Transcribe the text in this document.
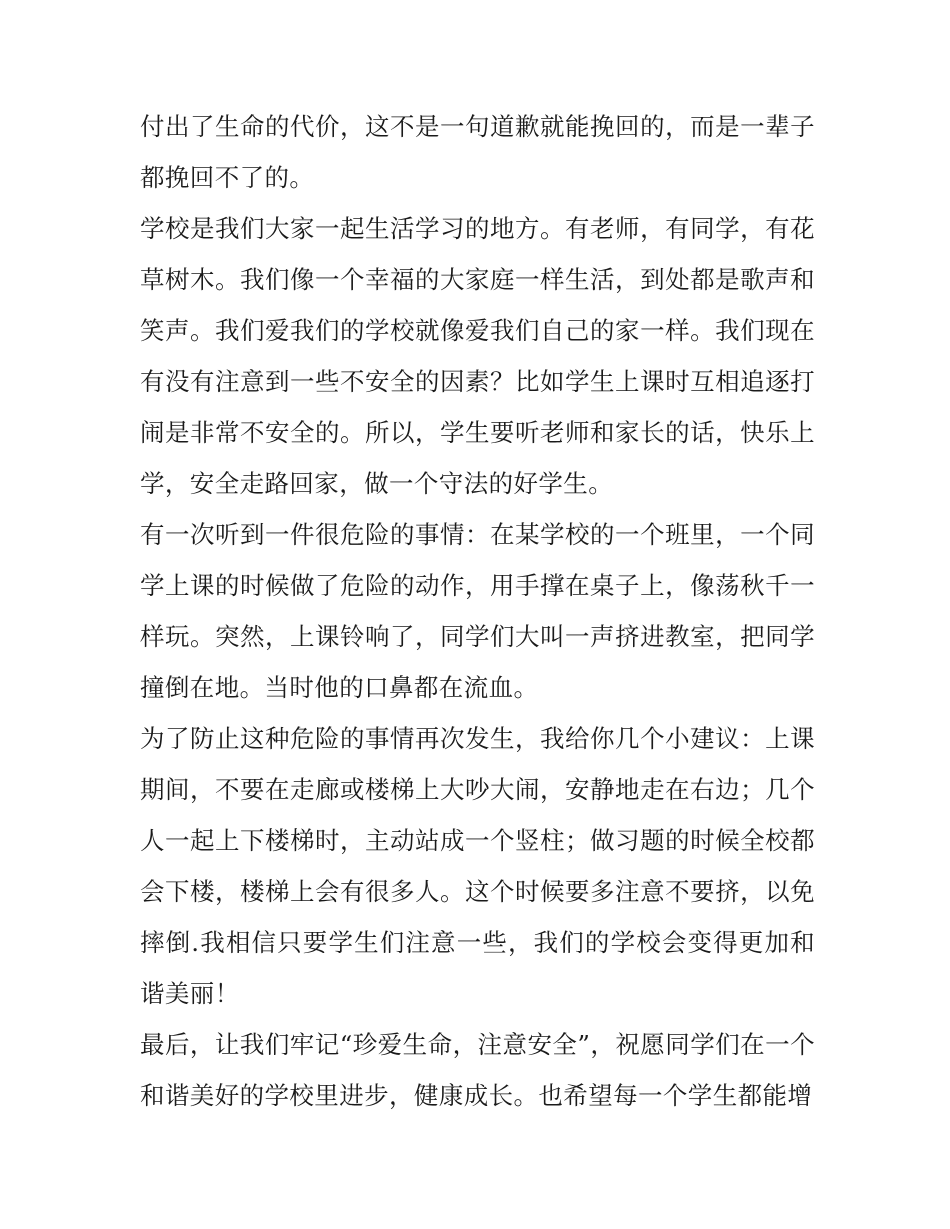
付出了生命的代价，这不是一句道歉就能挽回的，而是一辈子都挽回不了的。

学校是我们大家一起生活学习的地方。有老师，有同学，有花草树木。我们像一个幸福的大家庭一样生活，到处都是歌声和笑声。我们爱我们的学校就像爱我们自己的家一样。我们现在有没有注意到一些不安全的因素？比如学生上课时互相追逐打闹是非常不安全的。所以，学生要听老师和家长的话，快乐上学，安全走路回家，做一个守法的好学生。

有一次听到一件很危险的事情：在某学校的一个班里，一个同学上课的时候做了危险的动作，用手撑在桌子上，像荡秋千一样玩。突然，上课铃响了，同学们大叫一声挤进教室，把同学撞倒在地。当时他的口鼻都在流血。

为了防止这种危险的事情再次发生，我给你几个小建议：上课期间，不要在走廊或楼梯上大吵大闹，安静地走在右边；几个人一起上下楼梯时，主动站成一个竖柱；做习题的时候全校都会下楼，楼梯上会有很多人。这个时候要多注意不要挤，以免摔倒.我相信只要学生们注意一些，我们的学校会变得更加和谐美丽！

最后，让我们牢记“珍爱生命，注意安全”，祝愿同学们在一个和谐美好的学校里进步，健康成长。也希望每一个学生都能增
